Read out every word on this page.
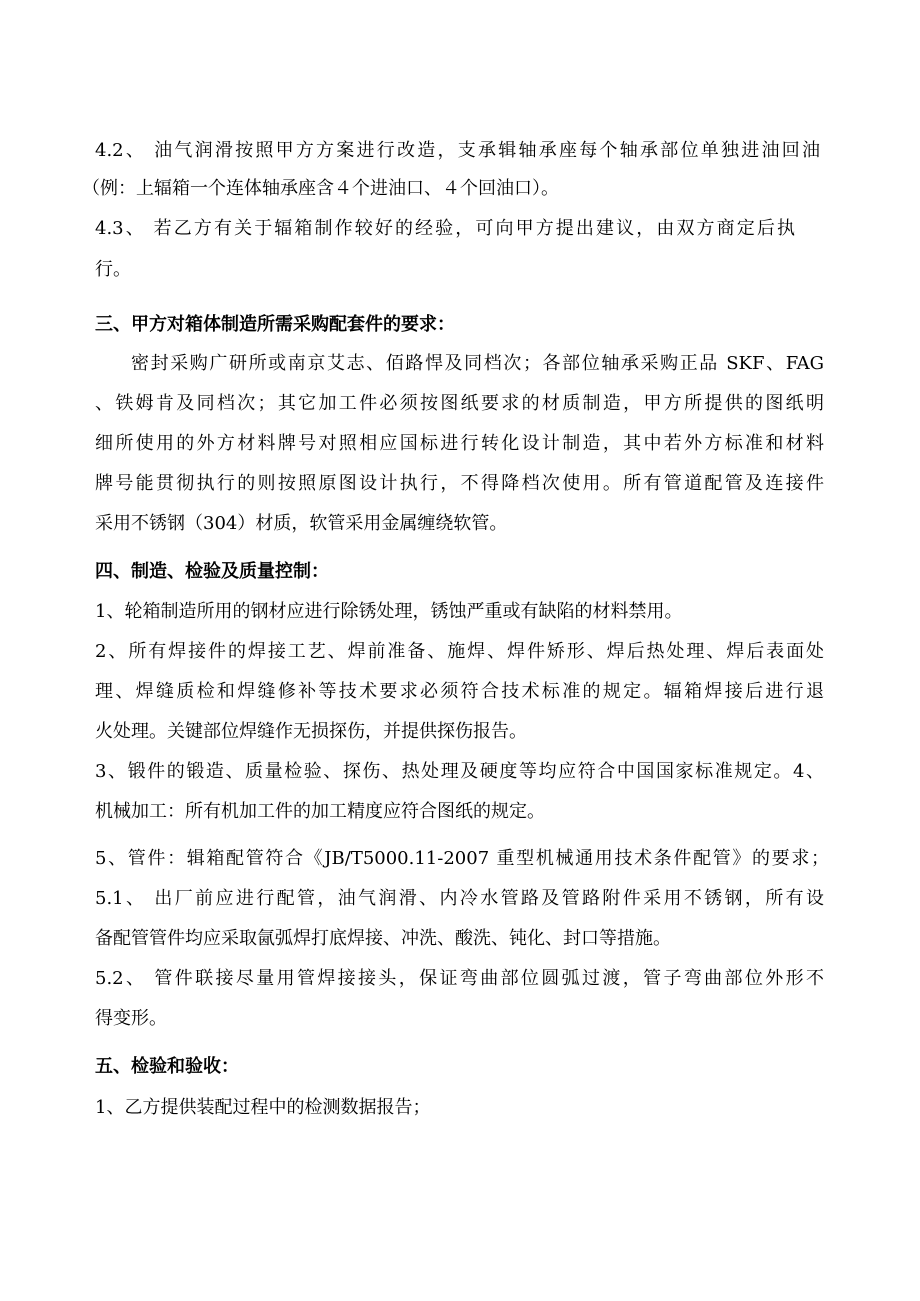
4.2、 油气润滑按照甲方方案进行改造，支承辑轴承座每个轴承部位单独进油回油
（例：上辐箱一个连体轴承座含４个进油口、４个回油口）。
4.3、 若乙方有关于辐箱制作较好的经验，可向甲方提出建议，由双方商定后执
行。
三、甲方对箱体制造所需采购配套件的要求：
密封采购广研所或南京艾志、佰路悍及同档次；各部位轴承采购正品 SKF、FAG
、铁姆肯及同档次；其它加工件必须按图纸要求的材质制造，甲方所提供的图纸明
细所使用的外方材料牌号对照相应国标进行转化设计制造，其中若外方标准和材料
牌号能贯彻执行的则按照原图设计执行，不得降档次使用。所有管道配管及连接件
采用不锈钢（304）材质，软管采用金属缠绕软管。
四、制造、检验及质量控制：
1、轮箱制造所用的钢材应进行除锈处理，锈蚀严重或有缺陷的材料禁用。
2、所有焊接件的焊接工艺、焊前准备、施焊、焊件矫形、焊后热处理、焊后表面处
理、焊缝质检和焊缝修补等技术要求必须符合技术标准的规定。辐箱焊接后进行退
火处理。关键部位焊缝作无损探伤，并提供探伤报告。
3、锻件的锻造、质量检验、探伤、热处理及硬度等均应符合中国国家标准规定。4、
机械加工：所有机加工件的加工精度应符合图纸的规定。
5、管件：辑箱配管符合《JB/T5000.11-2007 重型机械通用技术条件配管》的要求；
5.1、 出厂前应进行配管，油气润滑、内冷水管路及管路附件采用不锈钢，所有设
备配管管件均应采取氤弧焊打底焊接、冲洗、酸洗、钝化、封口等措施。
5.2、 管件联接尽量用管焊接接头，保证弯曲部位圆弧过渡，管子弯曲部位外形不
得变形。
五、检验和验收：
1、乙方提供装配过程中的检测数据报告；
